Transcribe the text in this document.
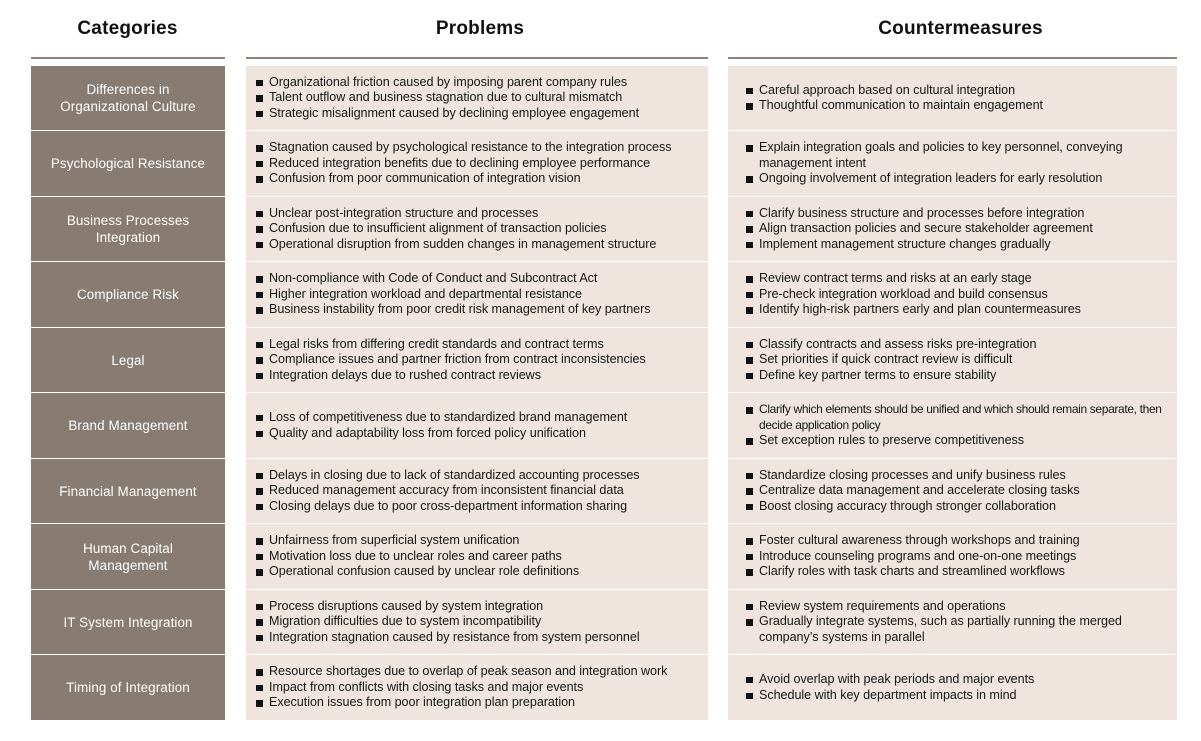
Categories	Problems	Countermeasures
Differences in
Organizational Culture
Organizational friction caused by imposing parent company rules
Talent outflow and business stagnation due to cultural mismatch
Strategic misalignment caused by declining employee engagement
Careful approach based on cultural integration
Thoughtful communication to maintain engagement
Psychological Resistance
Stagnation caused by psychological resistance to the integration process
Reduced integration benefits due to declining employee performance
Confusion from poor communication of integration vision
Explain integration goals and policies to key personnel, conveying management intent
Ongoing involvement of integration leaders for early resolution
Business Processes
Integration
Unclear post-integration structure and processes
Confusion due to insufficient alignment of transaction policies
Operational disruption from sudden changes in management structure
Clarify business structure and processes before integration
Align transaction policies and secure stakeholder agreement
Implement management structure changes gradually
Compliance Risk
Non-compliance with Code of Conduct and Subcontract Act
Higher integration workload and departmental resistance
Business instability from poor credit risk management of key partners
Review contract terms and risks at an early stage
Pre-check integration workload and build consensus
Identify high-risk partners early and plan countermeasures
Legal
Legal risks from differing credit standards and contract terms
Compliance issues and partner friction from contract inconsistencies
Integration delays due to rushed contract reviews
Classify contracts and assess risks pre-integration
Set priorities if quick contract review is difficult
Define key partner terms to ensure stability
Brand Management
Loss of competitiveness due to standardized brand management
Quality and adaptability loss from forced policy unification
Clarify which elements should be unified and which should remain separate, then decide application policy
Set exception rules to preserve competitiveness
Financial Management
Delays in closing due to lack of standardized accounting processes
Reduced management accuracy from inconsistent financial data
Closing delays due to poor cross-department information sharing
Standardize closing processes and unify business rules
Centralize data management and accelerate closing tasks
Boost closing accuracy through stronger collaboration
Human Capital
Management
Unfairness from superficial system unification
Motivation loss due to unclear roles and career paths
Operational confusion caused by unclear role definitions
Foster cultural awareness through workshops and training
Introduce counseling programs and one-on-one meetings
Clarify roles with task charts and streamlined workflows
IT System Integration
Process disruptions caused by system integration
Migration difficulties due to system incompatibility
Integration stagnation caused by resistance from system personnel
Review system requirements and operations
Gradually integrate systems, such as partially running the merged company’s systems in parallel
Timing of Integration
Resource shortages due to overlap of peak season and integration work
Impact from conflicts with closing tasks and major events
Execution issues from poor integration plan preparation
Avoid overlap with peak periods and major events
Schedule with key department impacts in mind
